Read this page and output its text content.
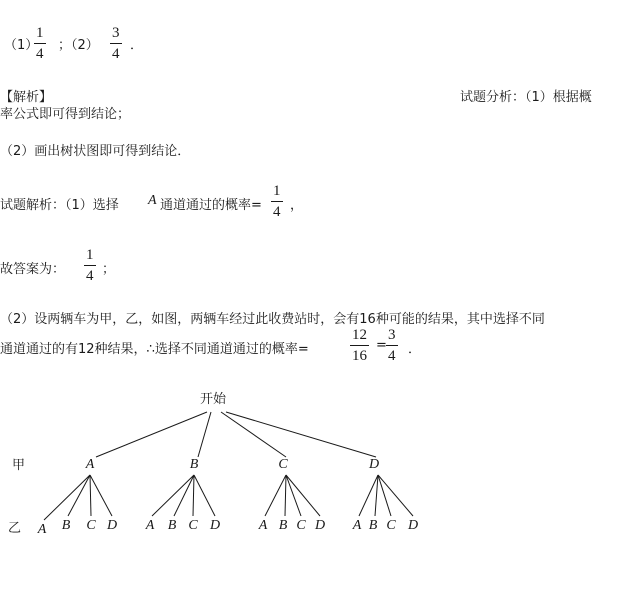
（1）
$\frac{1}{4}$ ；$(2) \frac{3}{4}$ ．
【解析】	试题分析：（1）根据概
率公式即可得到结论；
（2）画出树状图即可得到结论．
试题解析：（1）选择 A 通道通过的概率= $\frac{1}{4}$ ，
故答案为： $\frac{1}{4}$ ；
（2）设两辆车为甲，乙，如图，两辆车经过此收费站时，会有16种可能的结果，其中选择不同
通道通过的有12种结果，∴选择不同通道通过的概率=	$\frac{12}{16} = \frac{3}{4}$ ．
开始
甲
乙
A
A B C D
B
A B C D
C
A B C D
D
A B C D
